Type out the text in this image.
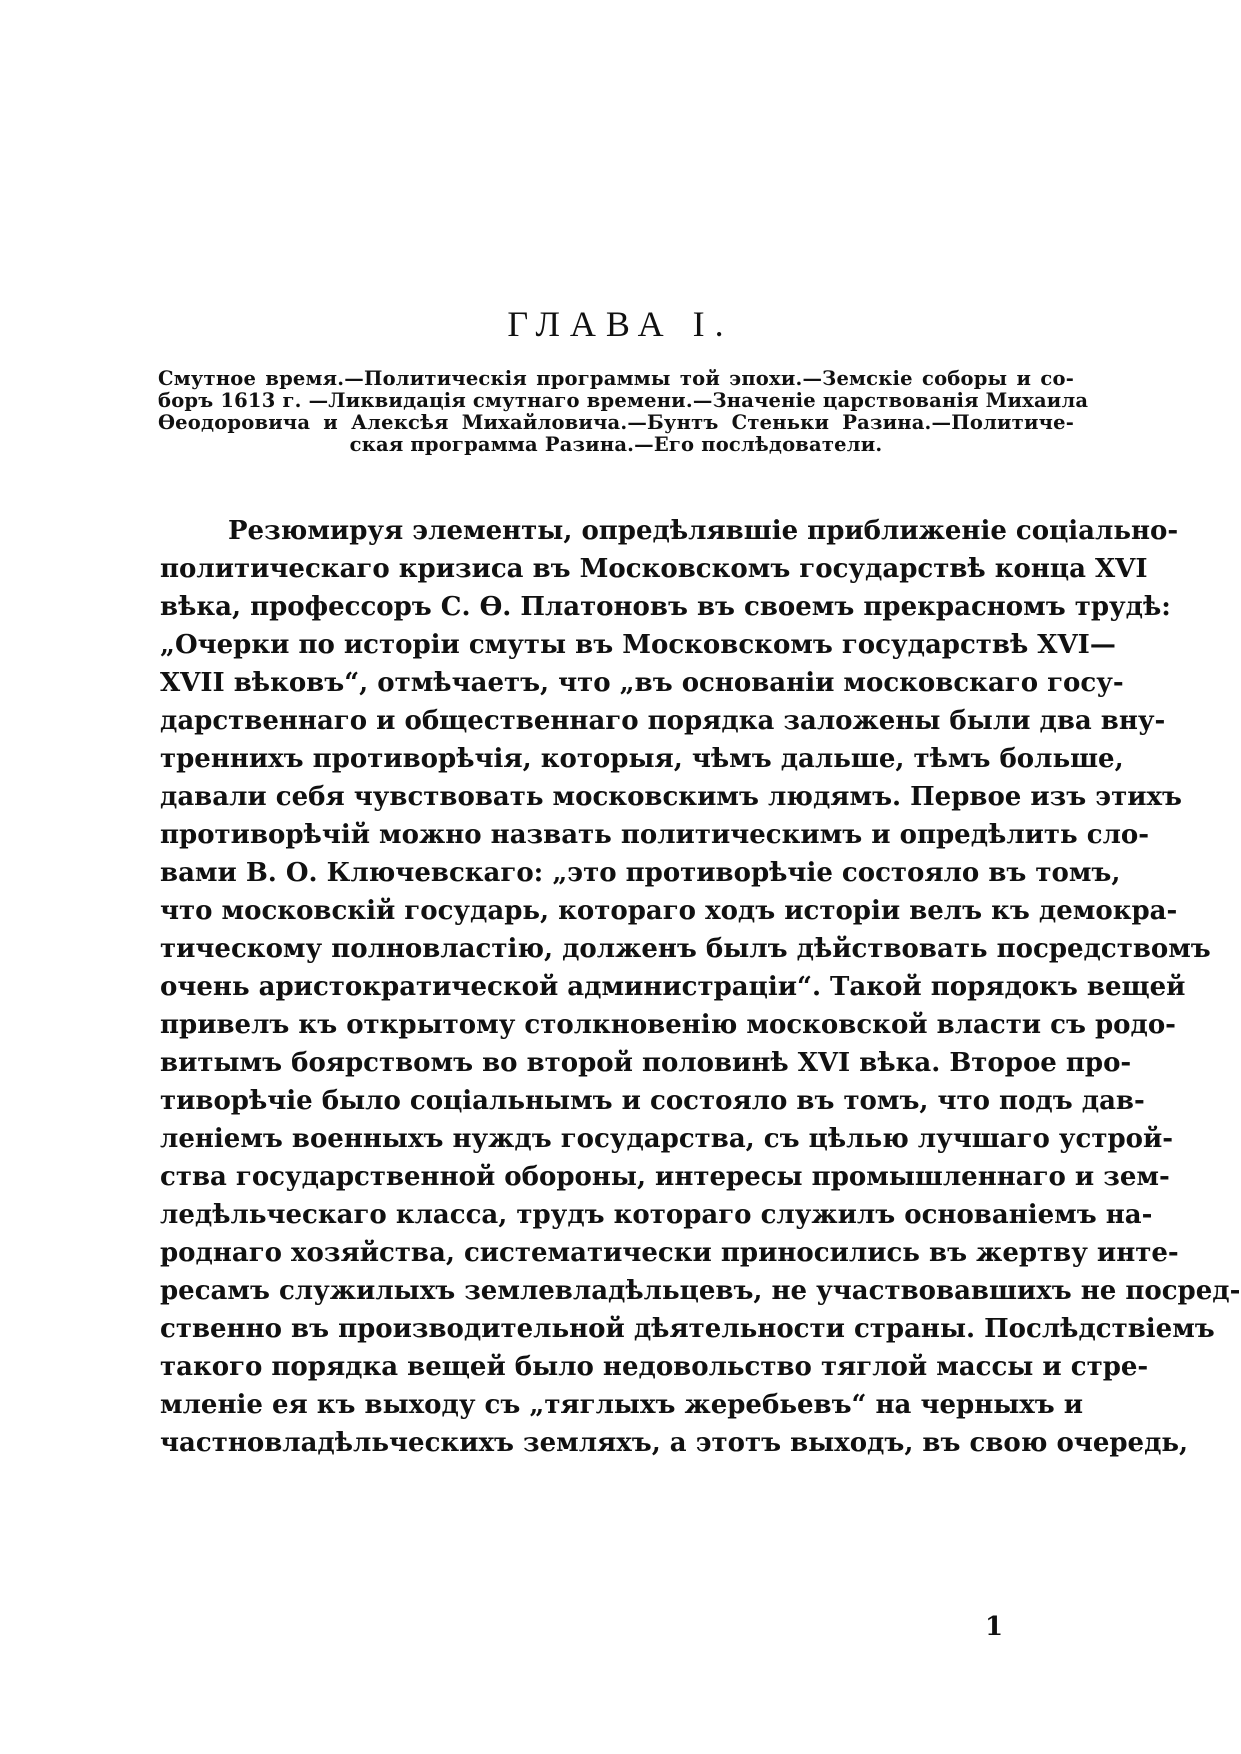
ГЛАВА I.
Смутное время.—Политическія программы той эпохи.—Земскіе соборы и со-
боръ 1613 г. —Ликвидація смутнаго времени.—Значеніе царствованія Михаила
Ѳеодоровича и Алексѣя Михайловича.—Бунтъ Стеньки Разина.—Политиче-
ская программа Разина.—Его послѣдователи.
Резюмируя элементы, опредѣлявшіе приближеніе соціально-
политическаго кризиса въ Московскомъ государствѣ конца XVI
вѣка, профессоръ С. Ѳ. Платоновъ въ своемъ прекрасномъ трудѣ:
„Очерки по исторіи смуты въ Московскомъ государствѣ XVI—
XVII вѣковъ“, отмѣчаетъ, что „въ основаніи московскаго госу-
дарственнаго и общественнаго порядка заложены были два вну-
треннихъ противорѣчія, которыя, чѣмъ дальше, тѣмъ больше,
давали себя чувствовать московскимъ людямъ. Первое изъ этихъ
противорѣчій можно назвать политическимъ и опредѣлить сло-
вами В. О. Ключевскаго: „это противорѣчіе состояло въ томъ,
что московскій государь, котораго ходъ исторіи велъ къ демокра-
тическому полновластію, долженъ былъ дѣйствовать посредствомъ
очень аристократической администраціи“. Такой порядокъ вещей
привелъ къ открытому столкновенію московской власти съ родо-
витымъ боярствомъ во второй половинѣ XVI вѣка. Второе про-
тиворѣчіе было соціальнымъ и состояло въ томъ, что подъ дав-
леніемъ военныхъ нуждъ государства, съ цѣлью лучшаго устрой-
ства государственной обороны, интересы промышленнаго и зем-
ледѣльческаго класса, трудъ котораго служилъ основаніемъ на-
роднаго хозяйства, систематически приносились въ жертву инте-
ресамъ служилыхъ землевладѣльцевъ, не участвовавшихъ не посред-
ственно въ производительной дѣятельности страны. Послѣдствіемъ
такого порядка вещей было недовольство тяглой массы и стре-
мленіе ея къ выходу съ „тяглыхъ жеребьевъ“ на черныхъ и
частновладѣльческихъ земляхъ, а этотъ выходъ, въ свою очередь,
1
